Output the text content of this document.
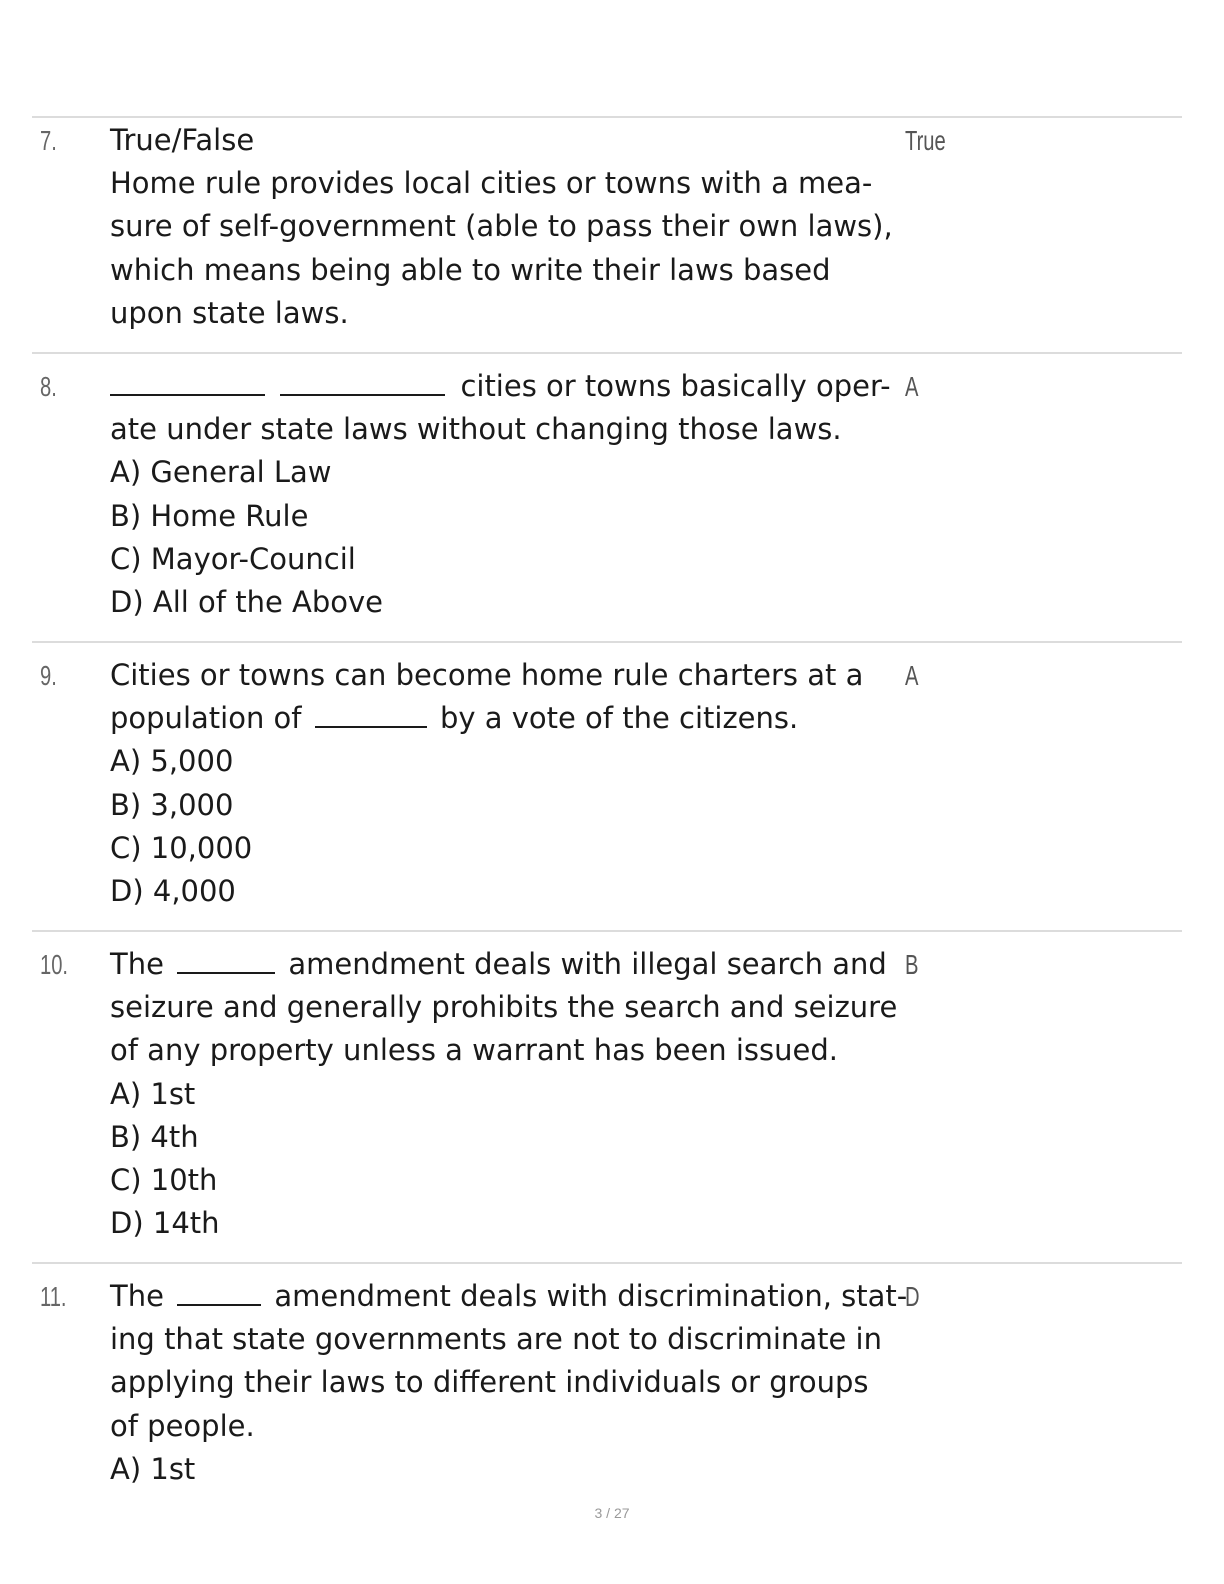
7. True/False
Home rule provides local cities or towns with a mea-
sure of self-government (able to pass their own laws),
which means being able to write their laws based
upon state laws.
True
8.	cities or towns basically oper-
ate under state laws without changing those laws.
A) General Law
B) Home Rule
C) Mayor-Council
D) All of the Above
A
9. Cities or towns can become home rule charters at a
population of	by a vote of the citizens.
A) 5,000
B) 3,000
C) 10,000
D) 4,000
A
10. The	amendment deals with illegal search and
seizure and generally prohibits the search and seizure
of any property unless a warrant has been issued.
A) 1st
B) 4th
C) 10th
D) 14th
B
11. The	amendment deals with discrimination, stat-
ing that state governments are not to discriminate in
applying their laws to different individuals or groups
of people.
A) 1st
D
3 / 27
